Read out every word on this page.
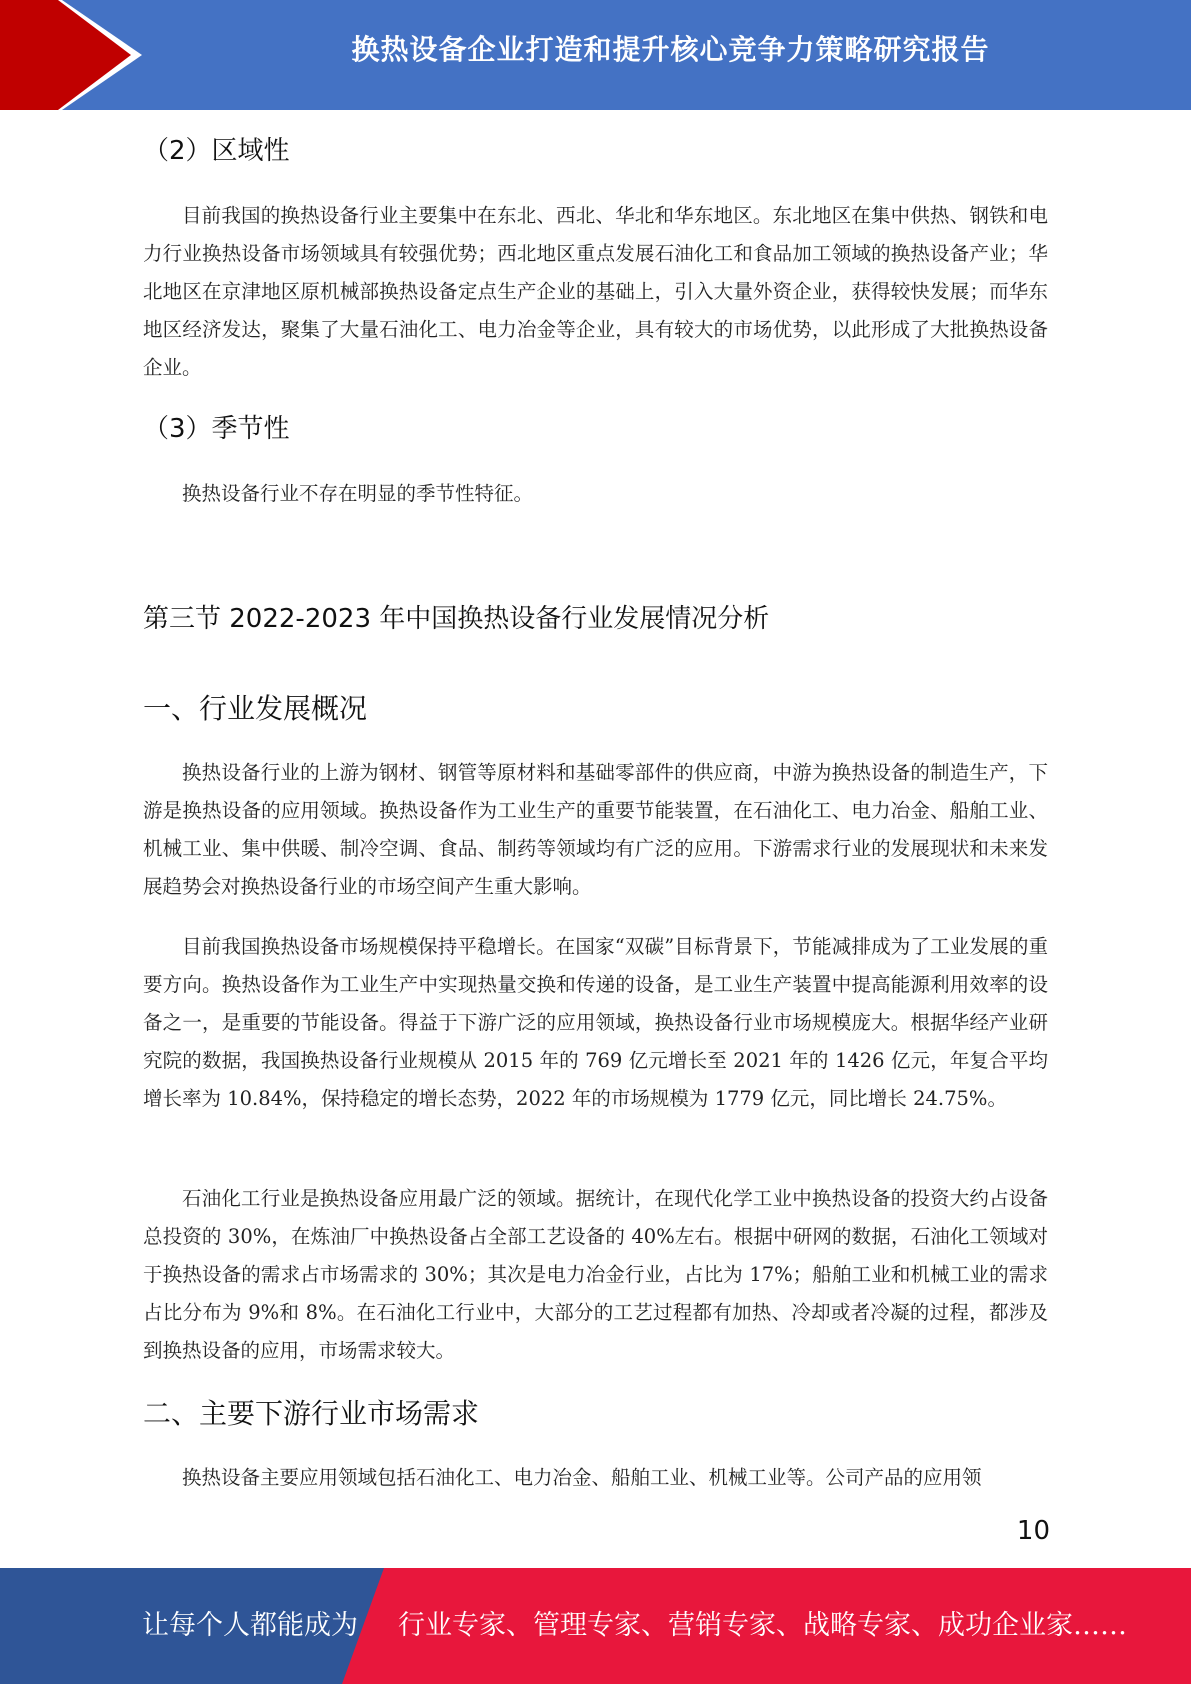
换热设备企业打造和提升核心竞争力策略研究报告
（2）区域性

目前我国的换热设备行业主要集中在东北、西北、华北和华东地区。东北地区在集中供热、钢铁和电力行业换热设备市场领域具有较强优势；西北地区重点发展石油化工和食品加工领域的换热设备产业；华北地区在京津地区原机械部换热设备定点生产企业的基础上，引入大量外资企业，获得较快发展；而华东地区经济发达，聚集了大量石油化工、电力冶金等企业，具有较大的市场优势，以此形成了大批换热设备企业。

（3）季节性

换热设备行业不存在明显的季节性特征。

第三节 2022-2023 年中国换热设备行业发展情况分析
一、行业发展概况

换热设备行业的上游为钢材、钢管等原材料和基础零部件的供应商，中游为换热设备的制造生产，下游是换热设备的应用领域。换热设备作为工业生产的重要节能装置，在石油化工、电力冶金、船舶工业、机械工业、集中供暖、制冷空调、食品、制药等领域均有广泛的应用。下游需求行业的发展现状和未来发展趋势会对换热设备行业的市场空间产生重大影响。

目前我国换热设备市场规模保持平稳增长。在国家“双碳”目标背景下，节能减排成为了工业发展的重要方向。换热设备作为工业生产中实现热量交换和传递的设备，是工业生产装置中提高能源利用效率的设备之一，是重要的节能设备。得益于下游广泛的应用领域，换热设备行业市场规模庞大。根据华经产业研究院的数据，我国换热设备行业规模从 2015 年的 769 亿元增长至 2021 年的 1426 亿元，年复合平均增长率为 10.84%，保持稳定的增长态势，2022 年的市场规模为 1779 亿元，同比增长 24.75%。

石油化工行业是换热设备应用最广泛的领域。据统计，在现代化学工业中换热设备的投资大约占设备总投资的 30%，在炼油厂中换热设备占全部工艺设备的 40%左右。根据中研网的数据，石油化工领域对于换热设备的需求占市场需求的 30%；其次是电力冶金行业，占比为 17%；船舶工业和机械工业的需求占比分布为 9%和 8%。在石油化工行业中，大部分的工艺过程都有加热、冷却或者冷凝的过程，都涉及到换热设备的应用，市场需求较大。

二、主要下游行业市场需求

换热设备主要应用领域包括石油化工、电力冶金、船舶工业、机械工业等。公司产品的应用领

10
让每个人都能成为 行业专家、管理专家、营销专家、战略专家、成功企业家……
